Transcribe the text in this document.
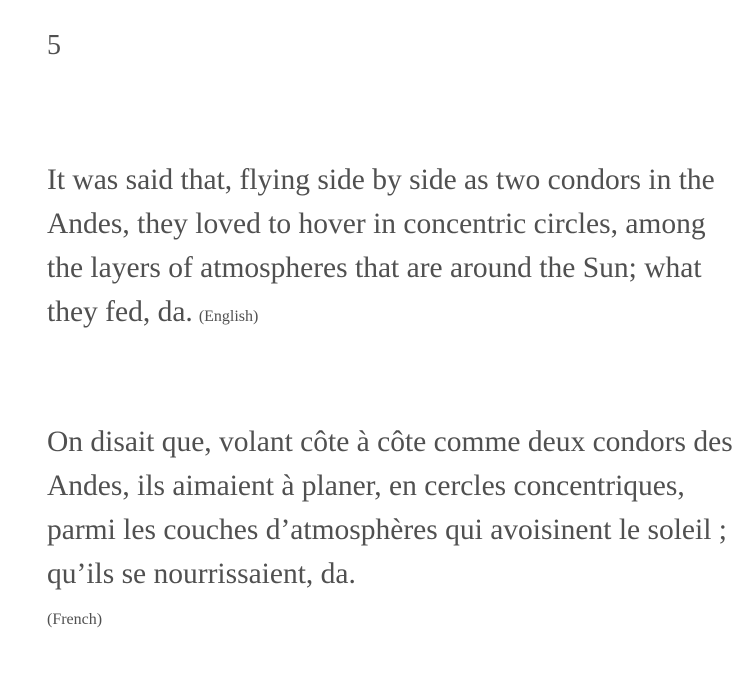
5
It was said that, flying side by side as two condors in the Andes, they loved to hover in concentric circles, among the layers of atmospheres that are around the Sun; what they fed, da. (English)
On disait que, volant côte à côte comme deux condors des Andes, ils aimaient à planer, en cercles concentriques, parmi les couches d’atmosphères qui avoisinent le soleil ; qu’ils se nourrissaient, da.
(French)
